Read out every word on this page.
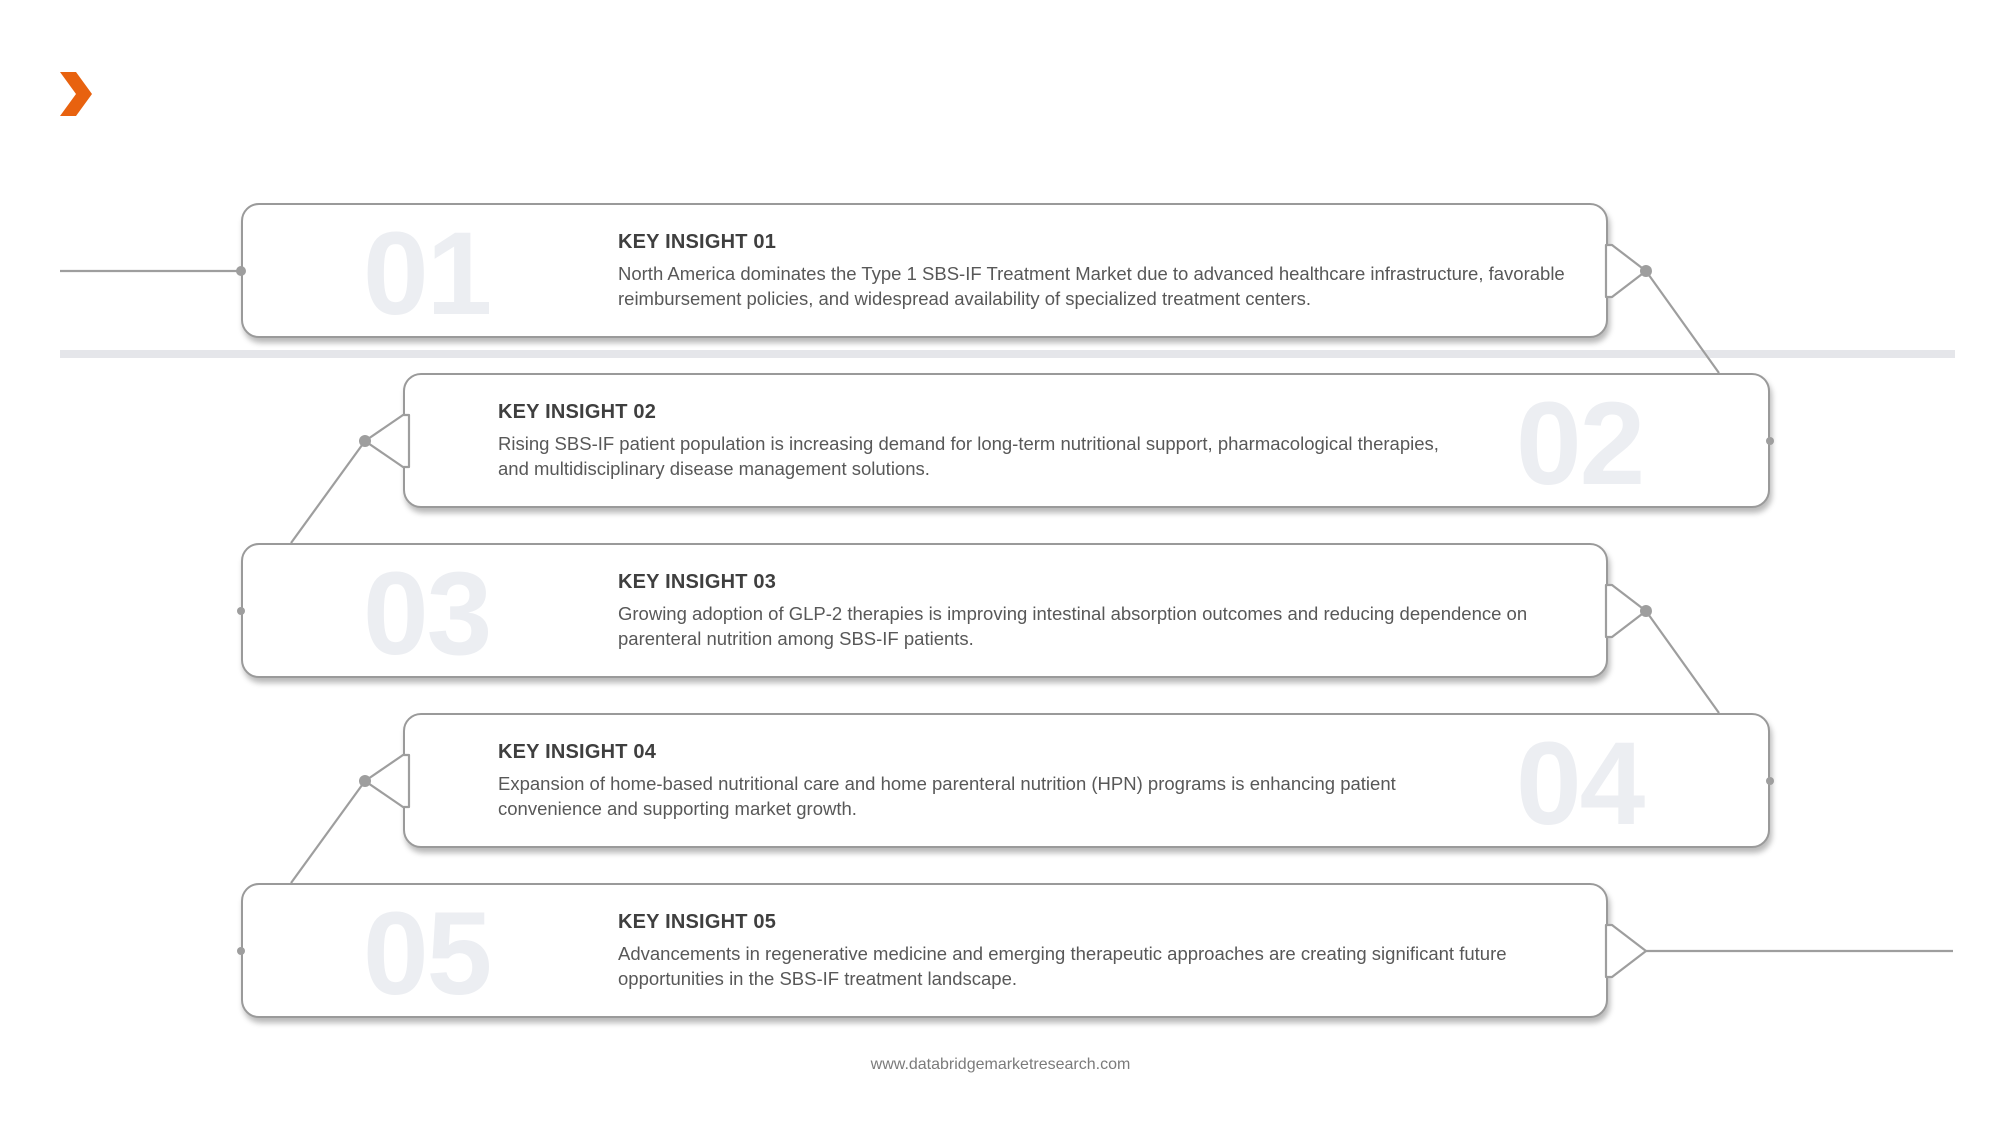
01	KEY INSIGHT 01
North America dominates the Type 1 SBS-IF Treatment Market due to advanced healthcare infrastructure, favorable reimbursement policies, and widespread availability of specialized treatment centers.
02
KEY INSIGHT 02
Rising SBS-IF patient population is increasing demand for long-term nutritional support, pharmacological therapies, and multidisciplinary disease management solutions.
03	KEY INSIGHT 03
Growing adoption of GLP-2 therapies is improving intestinal absorption outcomes and reducing dependence on parenteral nutrition among SBS-IF patients.
04
KEY INSIGHT 04
Expansion of home-based nutritional care and home parenteral nutrition (HPN) programs is enhancing patient convenience and supporting market growth.
05	KEY INSIGHT 05
Advancements in regenerative medicine and emerging therapeutic approaches are creating significant future opportunities in the SBS-IF treatment landscape.
www.databridgemarketresearch.com
